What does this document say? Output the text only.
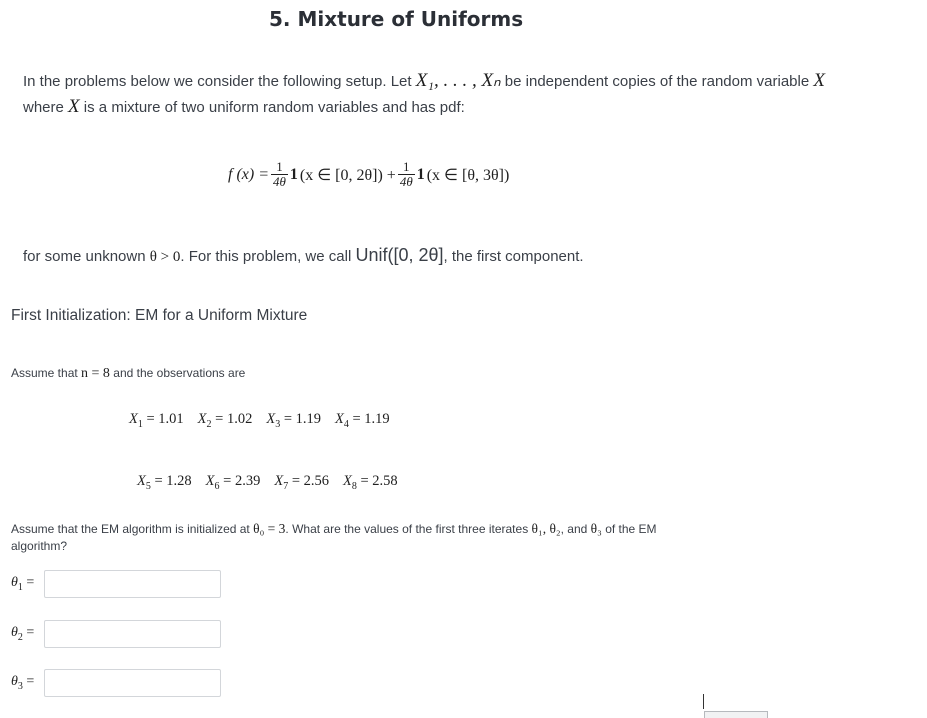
5. Mixture of Uniforms
In the problems below we consider the following setup. Let X₁, . . . , Xₙ be independent copies of the random variable X
where X is a mixture of two uniform random variables and has pdf:
f $(x) = \frac{1}{4\theta} 1$ (x ∈ [0, $2\theta]) + \frac{1}{4\theta} 1$ (x ∈ [θ, 3θ])
for some unknown θ > 0. For this problem, we call Unif([0, 2θ], the first component.
First Initialization: EM for a Uniform Mixture
Assume that n = 8 and the observations are
$X_1 = 1.01$ $X_2 = 1.02$ $X_3 = 1.19$ $X_4 = 1.19$
$X_5 = 1.28$ $X_6 = 2.39$ $X_7 = 2.56$ $X_8 = 2.58$
Assume that the EM algorithm is initialized at θ₀ = 3. What are the values of the first three iterates θ₁, θ₂, and θ₃ of the EM algorithm?
$\theta_1$ =
$\theta_2$ =
$\theta_3$ =
